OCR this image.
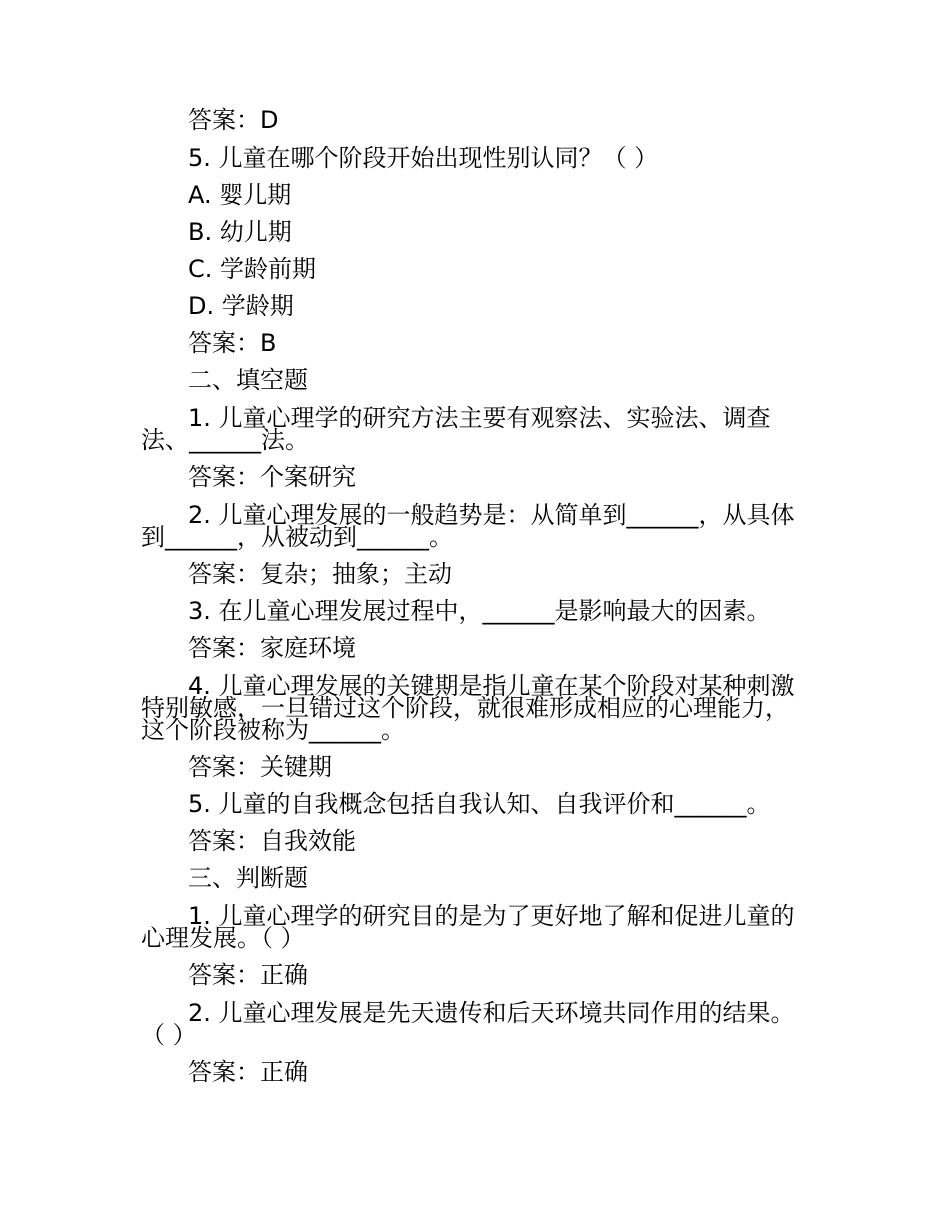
答案：D
5. 儿童在哪个阶段开始出现性别认同？（ ）
A. 婴儿期
B. 幼儿期
C. 学龄前期
D. 学龄期
答案：B
二、填空题
1. 儿童心理学的研究方法主要有观察法、实验法、调查
法、______法。
答案：个案研究
2. 儿童心理发展的一般趋势是：从简单到______，从具体
到______，从被动到______。
答案：复杂；抽象；主动
3. 在儿童心理发展过程中，______是影响最大的因素。
答案：家庭环境
4. 儿童心理发展的关键期是指儿童在某个阶段对某种刺激
特别敏感，一旦错过这个阶段，就很难形成相应的心理能力，
这个阶段被称为______。
答案：关键期
5. 儿童的自我概念包括自我认知、自我评价和______。
答案：自我效能
三、判断题
1. 儿童心理学的研究目的是为了更好地了解和促进儿童的
心理发展。（ ）
答案：正确
2. 儿童心理发展是先天遗传和后天环境共同作用的结果。
（ ）
答案：正确
